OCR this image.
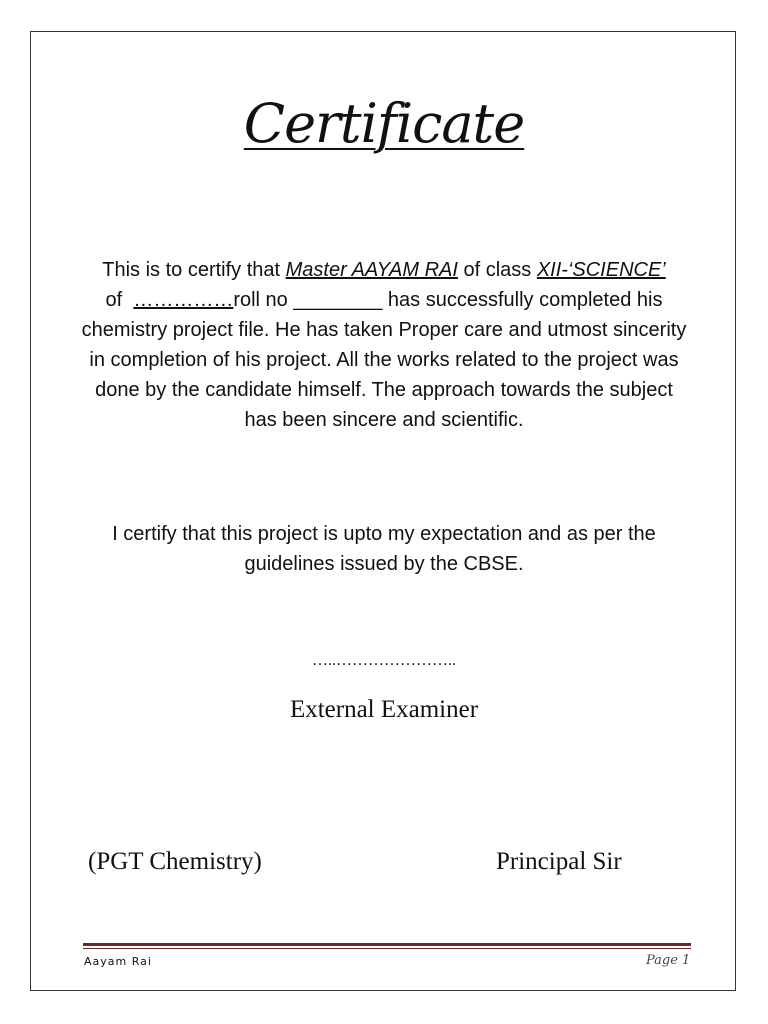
Certificate

This is to certify that Master AAYAM RAI of class XII-‘SCIENCE’
of  ……………roll no ________ has successfully completed his chemistry project file. He has taken Proper care and utmost sincerity in completion of his project. All the works related to the project was done by the candidate himself. The approach towards the subject has been sincere and scientific.

I certify that this project is upto my expectation and as per the guidelines issued by the CBSE.

…..…………………..
External Examiner
(PGT Chemistry)	Principal Sir
Aayam Rai	Page 1
